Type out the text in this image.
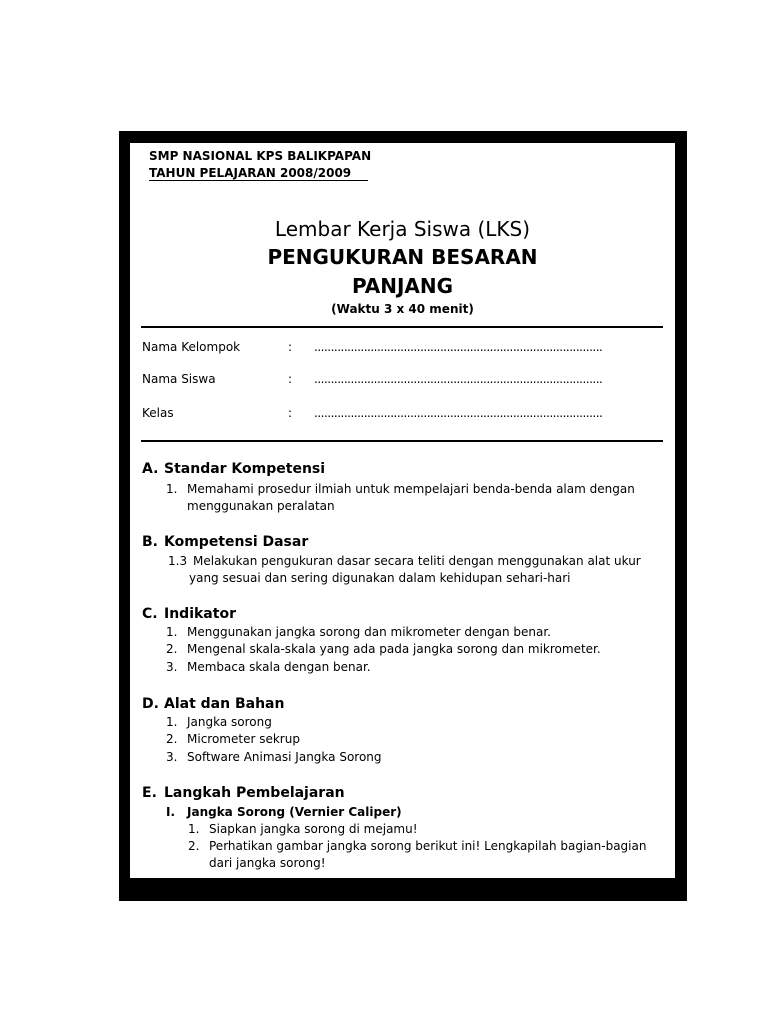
SMP NASIONAL KPS BALIKPAPAN
TAHUN PELAJARAN 2008/2009
Lembar Kerja Siswa (LKS)
PENGUKURAN BESARAN
PANJANG
(Waktu 3 x 40 menit)
Nama Kelompok	: .......................................................................................
Nama Siswa	: .......................................................................................
Kelas	: .......................................................................................
A. Standar Kompetensi
1. Memahami prosedur ilmiah untuk mempelajari benda-benda alam dengan
menggunakan peralatan
B. Kompetensi Dasar
1.3 Melakukan pengukuran dasar secara teliti dengan menggunakan alat ukur
yang sesuai dan sering digunakan dalam kehidupan sehari-hari
C. Indikator
1. Menggunakan jangka sorong dan mikrometer dengan benar.
2. Mengenal skala-skala yang ada pada jangka sorong dan mikrometer.
3. Membaca skala dengan benar.
D. Alat dan Bahan
1. Jangka sorong
2. Micrometer sekrup
3. Software Animasi Jangka Sorong
E. Langkah Pembelajaran
I. Jangka Sorong (Vernier Caliper)
1. Siapkan jangka sorong di mejamu!
2. Perhatikan gambar jangka sorong berikut ini! Lengkapilah bagian-bagian
dari jangka sorong!
